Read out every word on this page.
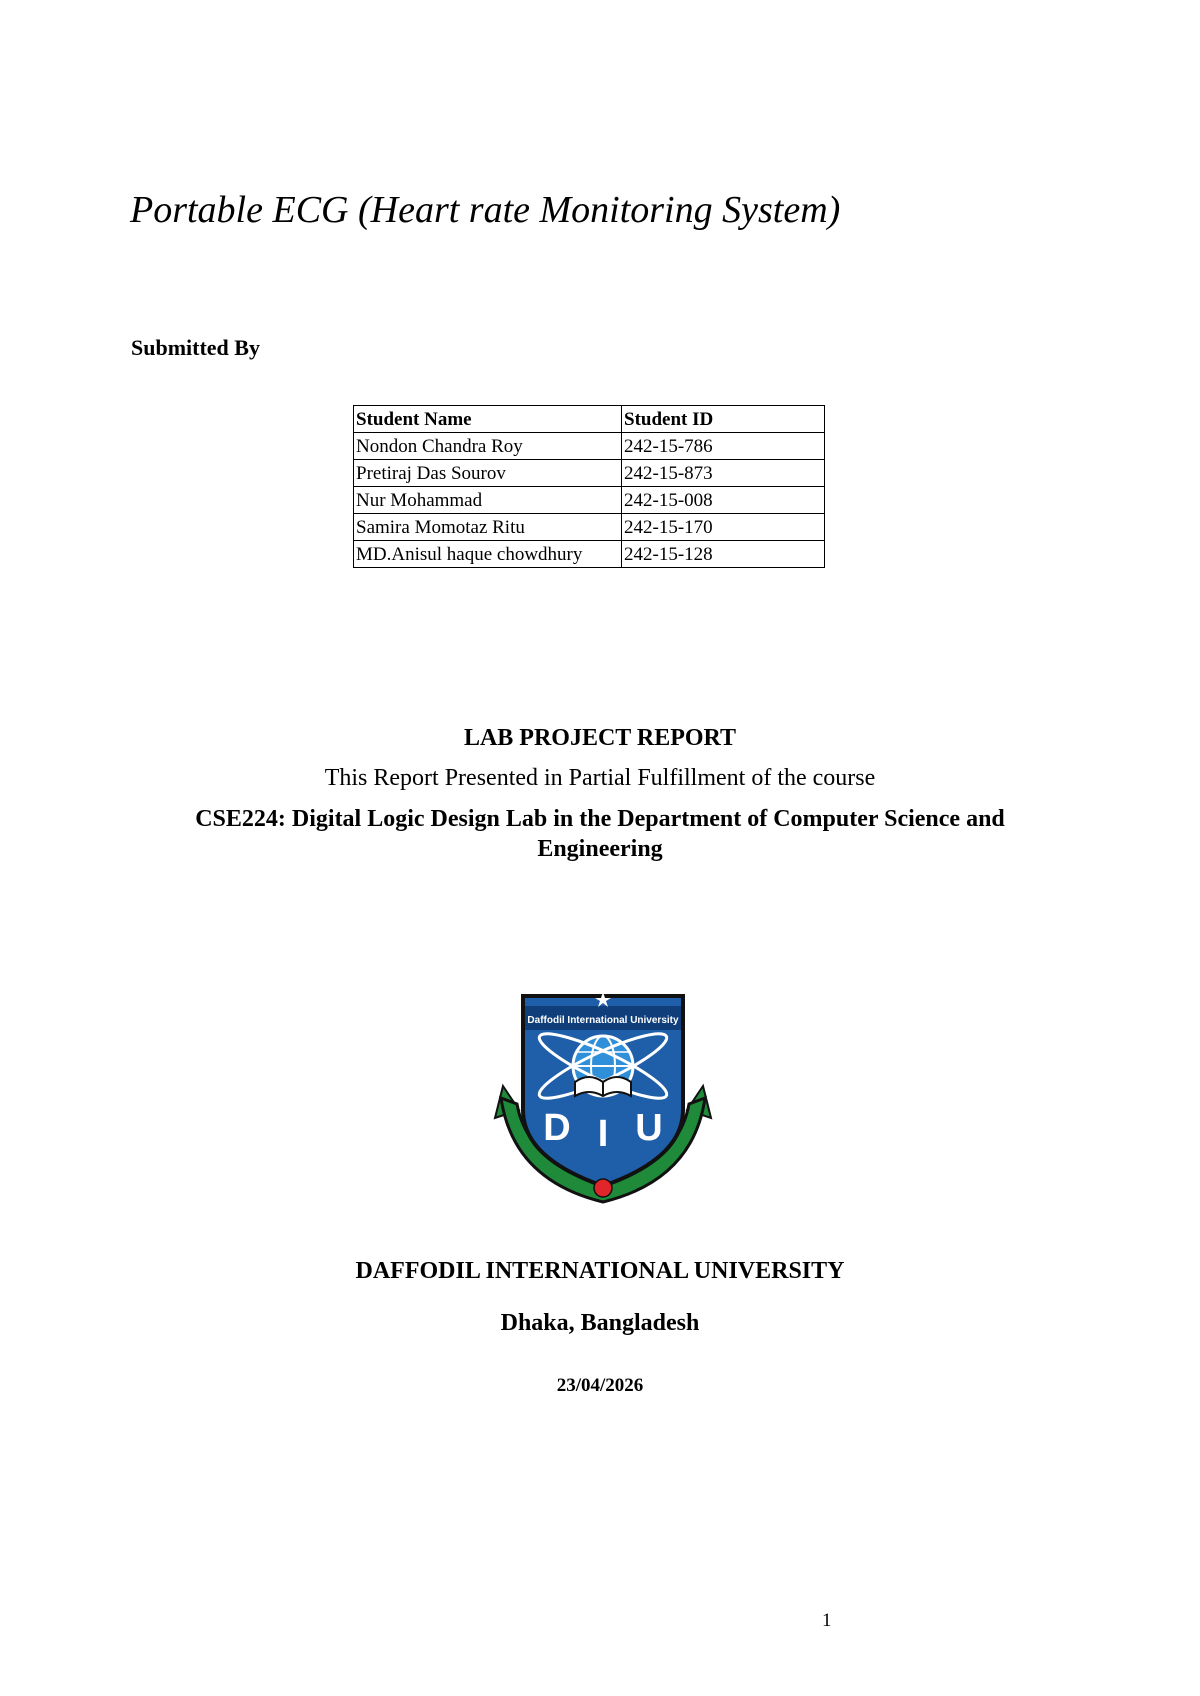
Portable ECG (Heart rate Monitoring System)
Submitted By
Student Name	Student ID
Nondon Chandra Roy	242-15-786
Pretiraj Das Sourov	242-15-873
Nur Mohammad	242-15-008
Samira Momotaz Ritu	242-15-170
MD.Anisul haque chowdhury	242-15-128
LAB PROJECT REPORT
This Report Presented in Partial Fulfillment of the course
CSE224: Digital Logic Design Lab in the Department of Computer Science and Engineering
Daffodil International University
D I U
DAFFODIL INTERNATIONAL UNIVERSITY
Dhaka, Bangladesh
23/04/2026
1
